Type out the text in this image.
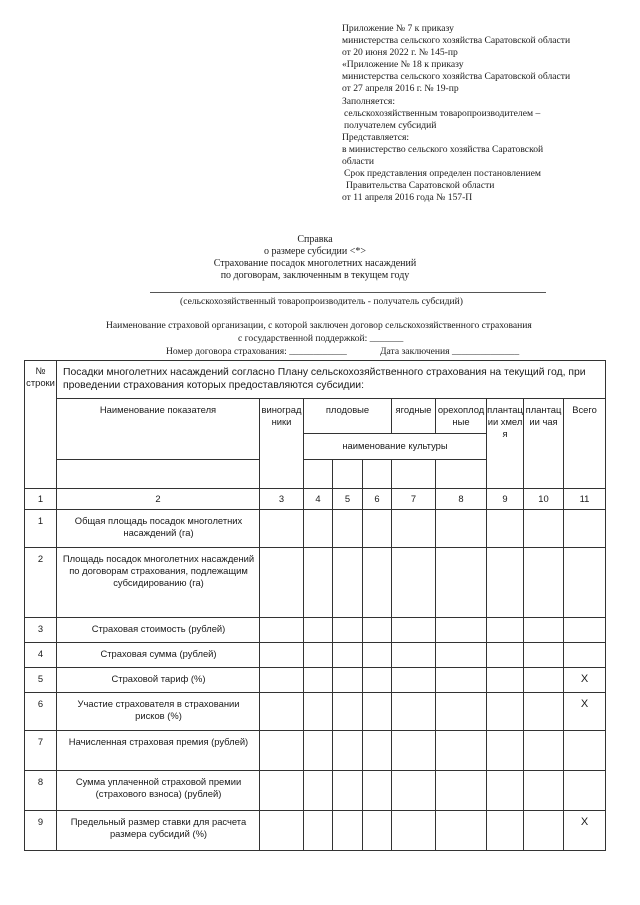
Приложение № 7 к приказу
министерства сельского хозяйства Саратовской области
от 20 июня 2022 г. № 145-пр
«Приложение № 18 к приказу
министерства сельского хозяйства Саратовской области
от 27 апреля 2016 г. № 19-пр
Заполняется:
сельскохозяйственным товаропроизводителем –
получателем субсидий
Представляется:
в министерство сельского хозяйства Саратовской
области
Срок представления определен постановлением
Правительства Саратовской области
от 11 апреля 2016 года № 157-П
Справка
о размере субсидии <*>
Страхование посадок многолетних насаждений
по договорам, заключенным в текущем году
(сельскохозяйственный товаропроизводитель - получатель субсидий)
Наименование страховой организации, с которой заключен договор сельскохозяйственного страхования
с государственной поддержкой: _______
Номер договора страхования: ____________	Дата заключения ______________
№ строки	Посадки многолетних насаждений согласно Плану сельскохозяйственного страхования на текущий год, при проведении страхования которых предоставляются субсидии:									
	Наименование показателя	виноградники	плодовые			ягодные	орехоплодные	плантации хмеля	плантации чая	Всего
			наименование культуры							

1	2	3	4	5	6	7	8	9	10	11
1	Общая площадь посадок многолетних насаждений (га)									
2	Площадь посадок многолетних насаждений по договорам страхования, подлежащим субсидированию (га)									
3	Страховая стоимость (рублей)									
4	Страховая сумма (рублей)									
5	Страховой тариф (%)									X
6	Участие страхователя в страховании рисков (%)									X
7	Начисленная страховая премия (рублей)									
8	Сумма уплаченной страховой премии (страхового взноса) (рублей)									
9	Предельный размер ставки для расчета размера субсидий (%)									X
